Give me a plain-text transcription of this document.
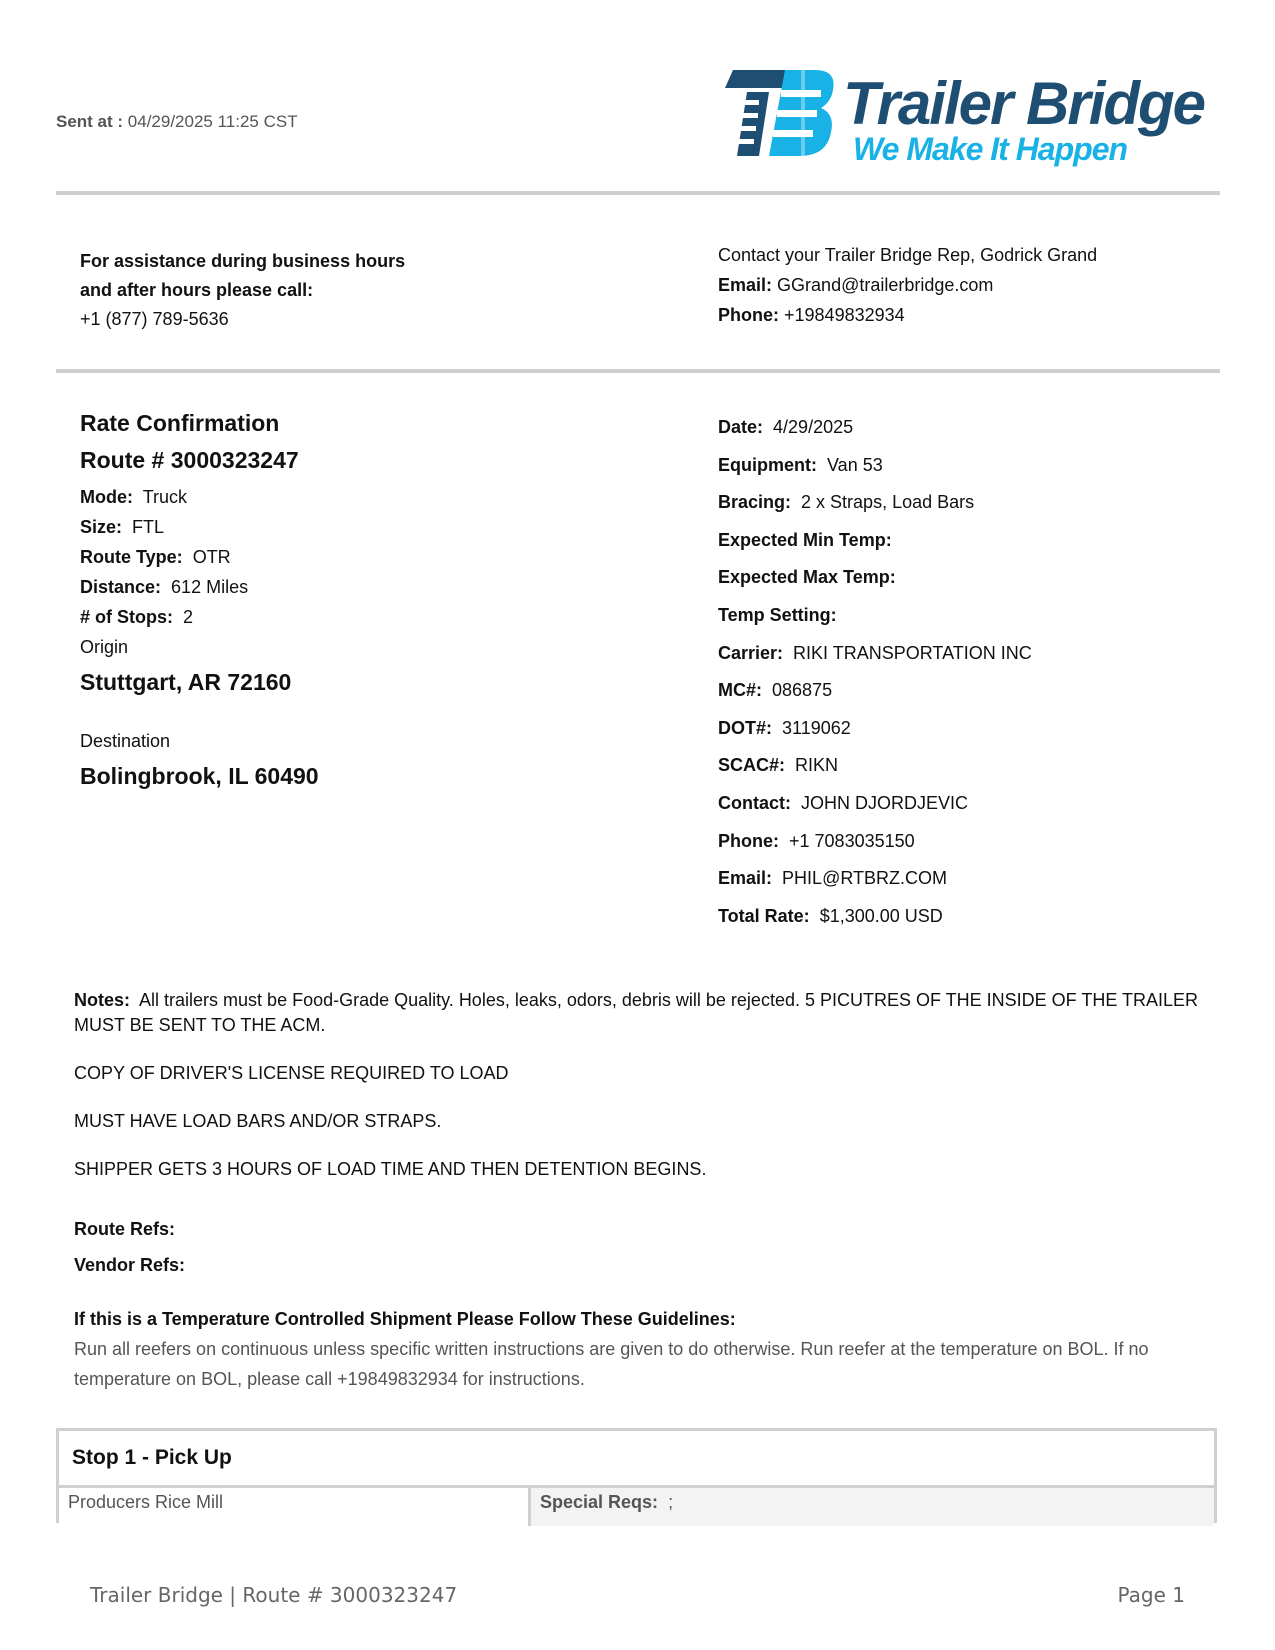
Sent at : 04/29/2025 11:25 CST	Trailer Bridge
We Make It Happen
For assistance during business hours
and after hours please call:
+1 (877) 789-5636
Contact your Trailer Bridge Rep, Godrick Grand
Email: GGrand@trailerbridge.com
Phone: +19849832934
Rate Confirmation
Route # 3000323247
Mode: Truck
Size: FTL
Route Type: OTR
Distance: 612 Miles
# of Stops: 2
Origin
Stuttgart, AR 72160
Destination
Bolingbrook, IL 60490
Date: 4/29/2025
Equipment: Van 53
Bracing: 2 x Straps, Load Bars
Expected Min Temp:
Expected Max Temp:
Temp Setting:
Carrier: RIKI TRANSPORTATION INC
MC#: 086875
DOT#: 3119062
SCAC#: RIKN
Contact: JOHN DJORDJEVIC
Phone: +1 7083035150
Email: PHIL@RTBRZ.COM
Total Rate: $1,300.00 USD

Notes: All trailers must be Food-Grade Quality. Holes, leaks, odors, debris will be rejected. 5 PICUTRES OF THE INSIDE OF THE TRAILER MUST BE SENT TO THE ACM.

COPY OF DRIVER'S LICENSE REQUIRED TO LOAD

MUST HAVE LOAD BARS AND/OR STRAPS.

SHIPPER GETS 3 HOURS OF LOAD TIME AND THEN DETENTION BEGINS.

Route Refs:
Vendor Refs:
If this is a Temperature Controlled Shipment Please Follow These Guidelines:
Run all reefers on continuous unless specific written instructions are given to do otherwise. Run reefer at the temperature on BOL. If no temperature on BOL, please call +19849832934 for instructions.
Stop 1 - Pick Up
Producers Rice Mill	Special Reqs: ;
Trailer Bridge | Route # 3000323247	Page 1
